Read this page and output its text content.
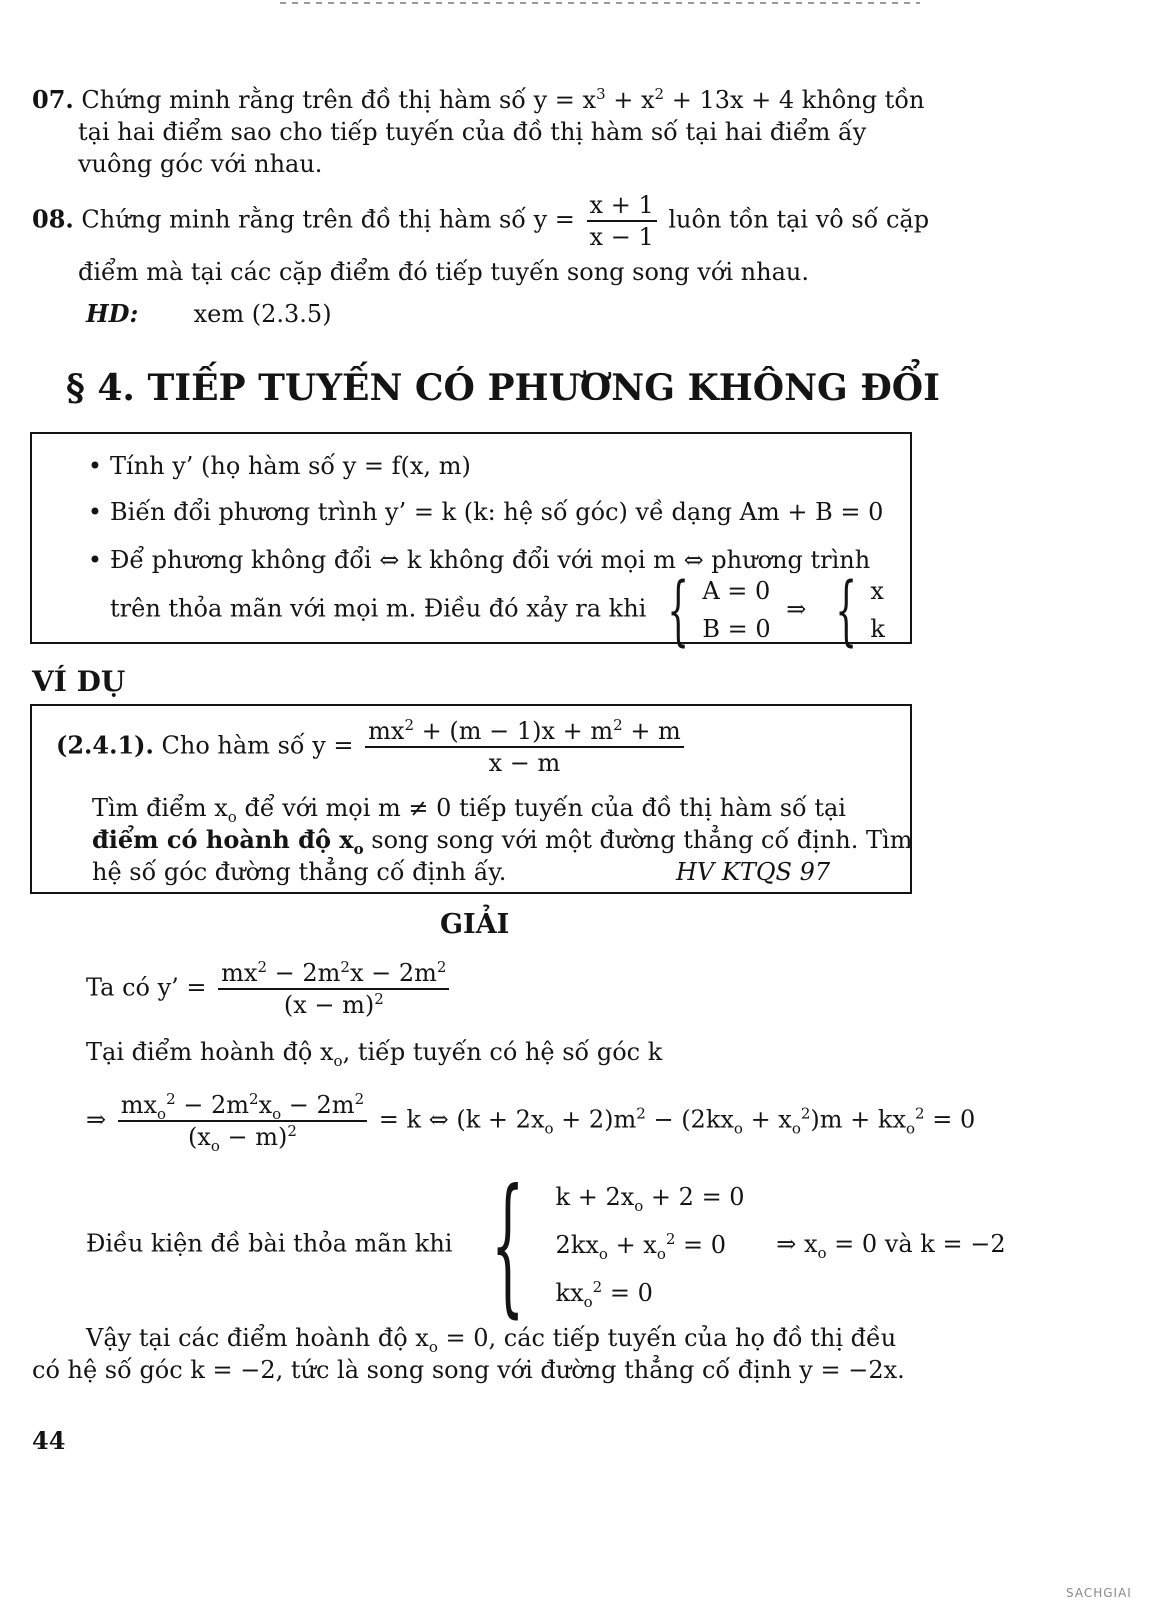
07. Chứng minh rằng trên đồ thị hàm số $y = x^3 + x^2 + 13x + 4$ không tồn
tại hai điểm sao cho tiếp tuyến của đồ thị hàm số tại hai điểm ấy
vuông góc với nhau.
08. Chứng minh rằng trên đồ thị hàm số $y = \frac{x + 1}{x - 1}$ luôn tồn tại vô số cặp
điểm mà tại các cặp điểm đó tiếp tuyến song song với nhau.
HD: xem (2.3.5)
§ 4. TIẾP TUYẾN CÓ PHƯƠNG KHÔNG ĐỔI
• Tính y’ (họ hàm số y = f(x, m)
• Biến đổi phương trình y’ = k (k: hệ số góc) về dạng Am + B = 0
• Để phương không đổi ⇔ k không đổi với mọi m ⇔ phương trình
trên thỏa mãn với mọi m. Điều đó xảy ra khi { A = 0
B = 0
⇒ { x
k
VÍ DỤ
(2.4.1). Cho hàm số $y = \frac{mx^2 + (m - 1)x + m^2 + m}{x - m}$
Tìm điểm $x_o$ để với mọi m ≠ 0 tiếp tuyến của đồ thị hàm số tại
điểm có hoành độ $x_o$ song song với một đường thẳng cố định. Tìm
hệ số góc đường thẳng cố định ấy.	HV KTQS 97
GIẢI
Ta có y’ = $\frac{mx^2 - 2m^2x - 2m^2}{(x - m)^2}$
Tại điểm hoành độ $x_o$, tiếp tuyến có hệ số góc k
⇒ $\frac{mx_o^2 - 2m^2x_o - 2m^2}{(x_o - m)^2} = k$ ⇔ $(k + 2x_o + 2)m^2 - (2kx_o + x_o^2)m + kx_o^2 = 0$
Điều kiện đề bài thỏa mãn khi { $k + 2x_o + 2 = 0$
$2kx_o + x_o^2 = 0$
$kx_o^2 = 0$
⇒ $x_o = 0$ và k = −2
Vậy tại các điểm hoành độ $x_o = 0$, các tiếp tuyến của họ đồ thị đều
có hệ số góc k = −2, tức là song song với đường thẳng cố định y = −2x.
44
SACHGIAI
